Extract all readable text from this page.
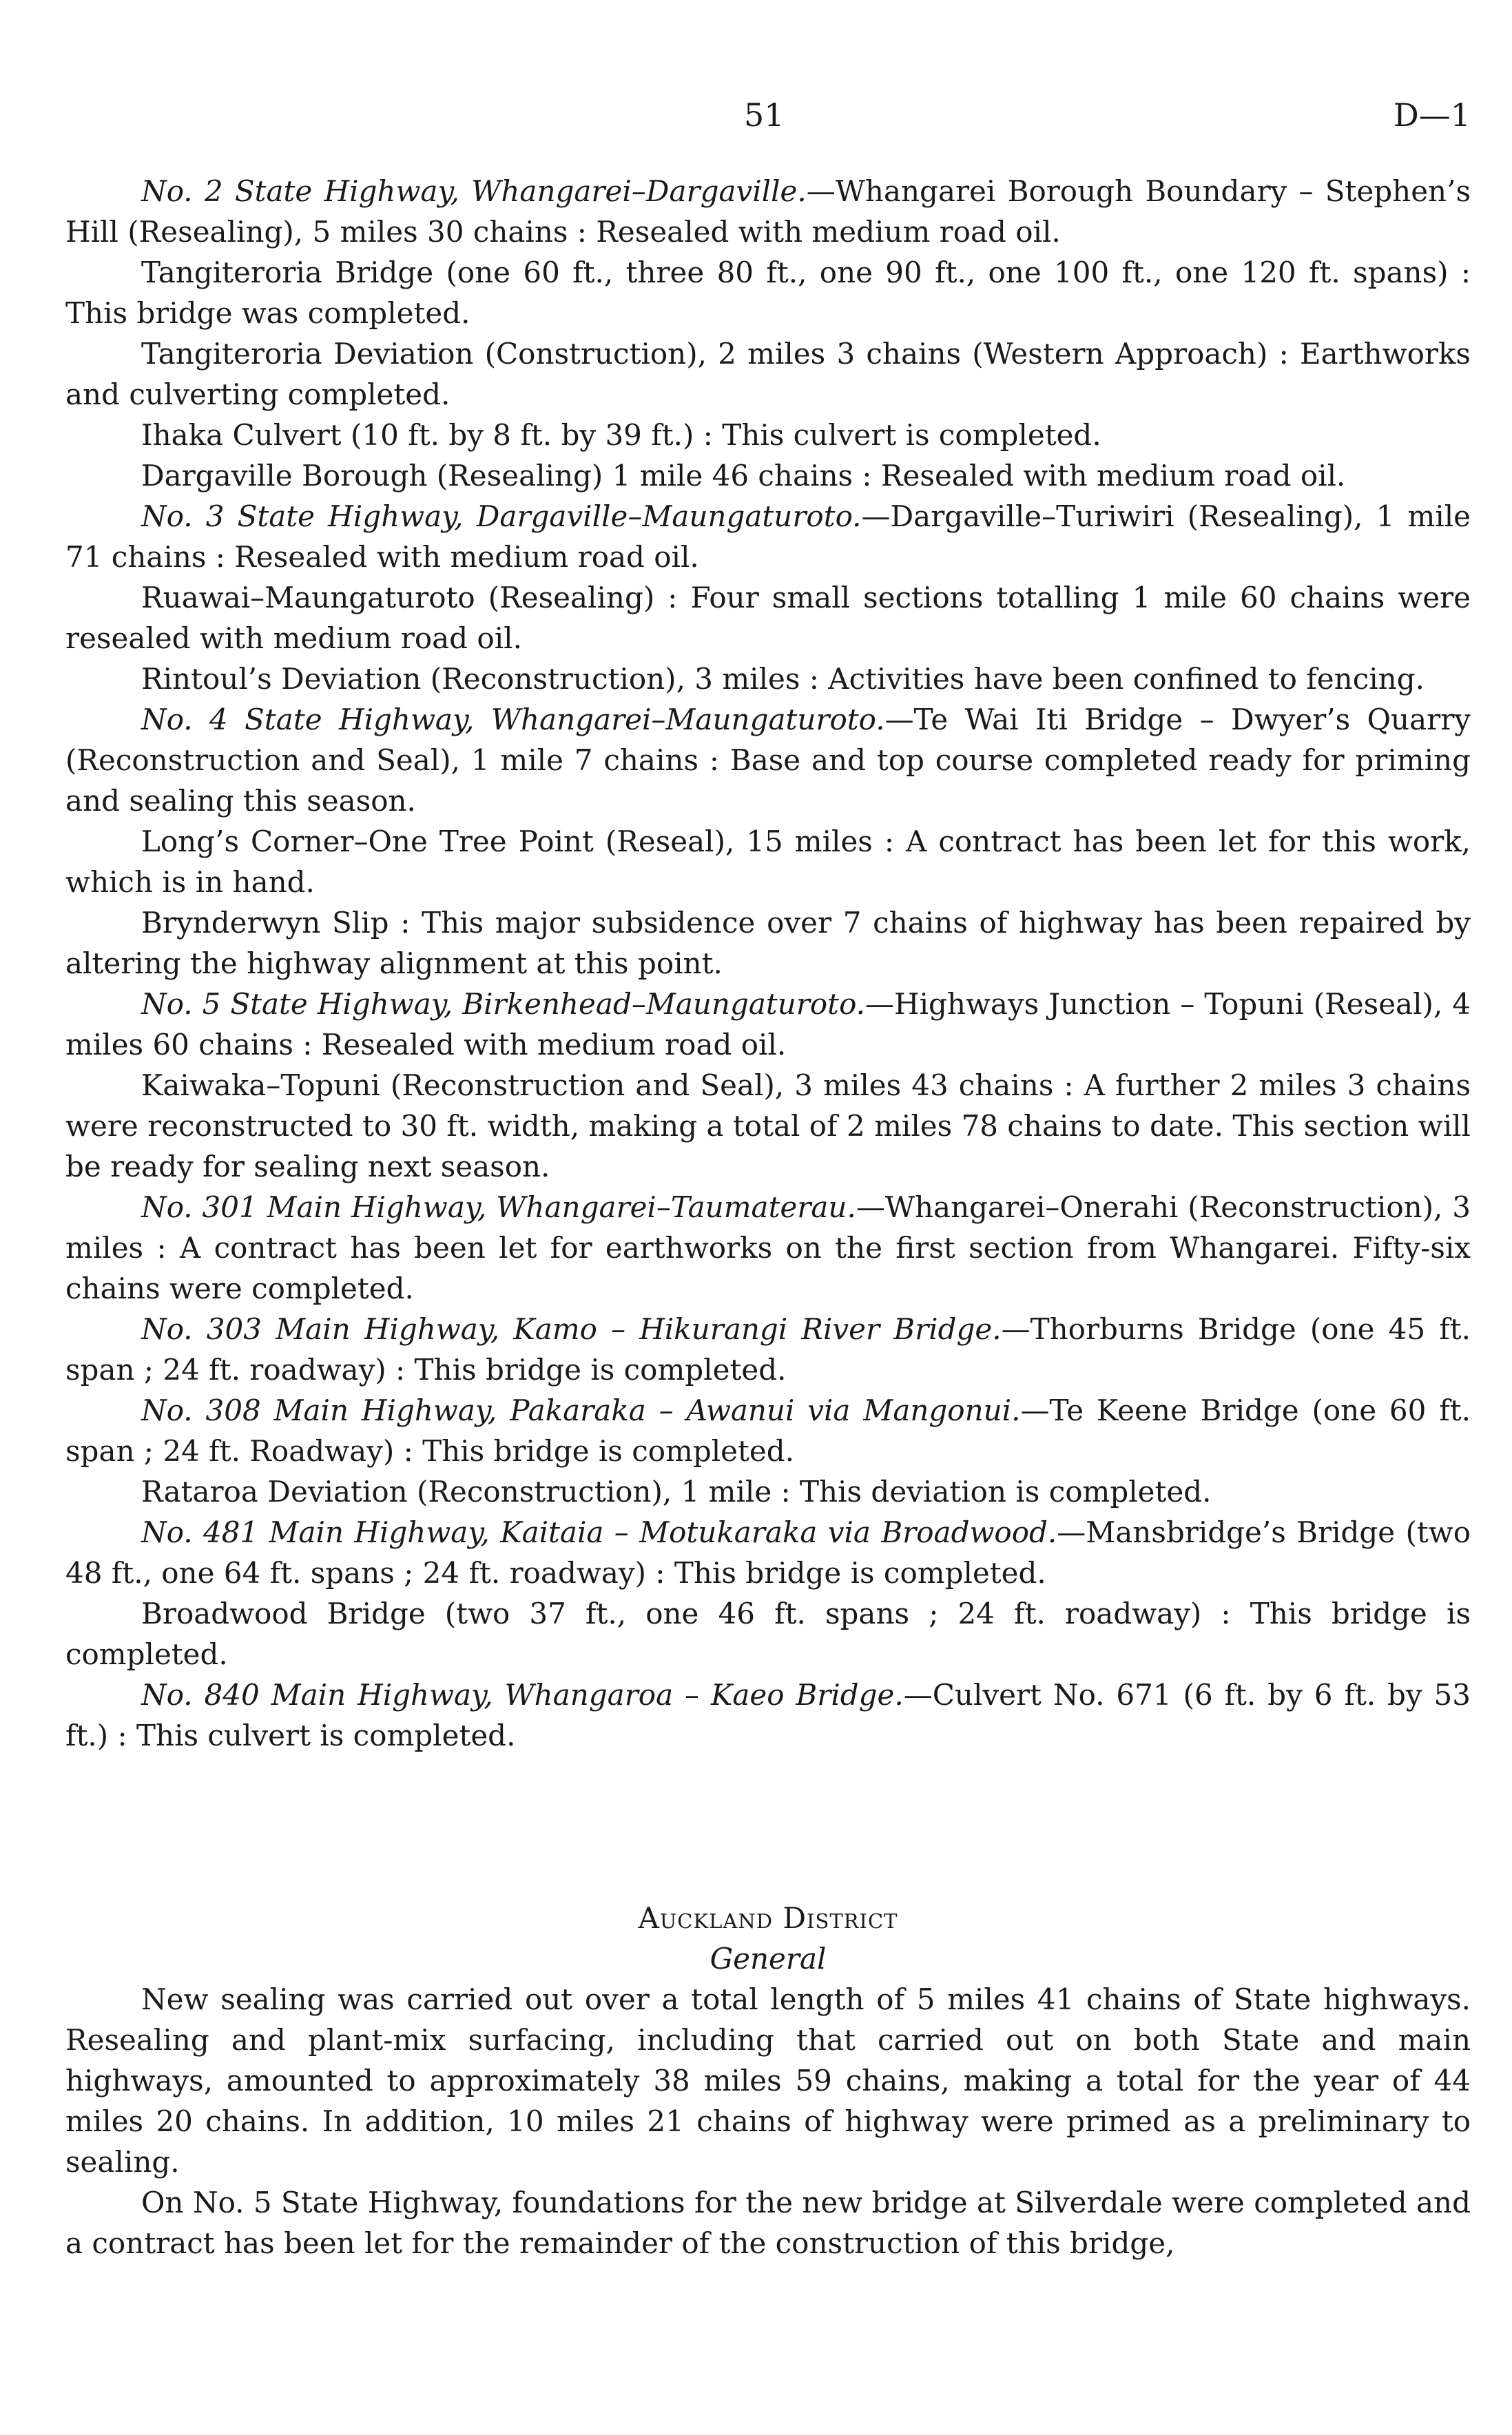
51	D—1

No. 2 State Highway, Whangarei–Dargaville.—Whangarei Borough Boundary – Stephen’s Hill (Resealing), 5 miles 30 chains : Resealed with medium road oil.

Tangiteroria Bridge (one 60 ft., three 80 ft., one 90 ft., one 100 ft., one 120 ft. spans) : This bridge was completed.

Tangiteroria Deviation (Construction), 2 miles 3 chains (Western Approach) : Earthworks and culverting completed.

Ihaka Culvert (10 ft. by 8 ft. by 39 ft.) : This culvert is completed.

Dargaville Borough (Resealing) 1 mile 46 chains : Resealed with medium road oil.

No. 3 State Highway, Dargaville–Maungaturoto.—Dargaville–Turiwiri (Resealing), 1 mile 71 chains : Resealed with medium road oil.

Ruawai–Maungaturoto (Resealing) : Four small sections totalling 1 mile 60 chains were resealed with medium road oil.

Rintoul’s Deviation (Reconstruction), 3 miles : Activities have been confined to fencing.

No. 4 State Highway, Whangarei–Maungaturoto.—Te Wai Iti Bridge – Dwyer’s Quarry (Reconstruction and Seal), 1 mile 7 chains : Base and top course completed ready for priming and sealing this season.

Long’s Corner–One Tree Point (Reseal), 15 miles : A contract has been let for this work, which is in hand.

Brynderwyn Slip : This major subsidence over 7 chains of highway has been repaired by altering the highway alignment at this point.

No. 5 State Highway, Birkenhead–Maungaturoto.—Highways Junction – Topuni (Reseal), 4 miles 60 chains : Resealed with medium road oil.

Kaiwaka–Topuni (Reconstruction and Seal), 3 miles 43 chains : A further 2 miles 3 chains were reconstructed to 30 ft. width, making a total of 2 miles 78 chains to date. This section will be ready for sealing next season.

No. 301 Main Highway, Whangarei–Taumaterau.—Whangarei–Onerahi (Reconstruction), 3 miles : A contract has been let for earthworks on the first section from Whangarei. Fifty-six chains were completed.

No. 303 Main Highway, Kamo – Hikurangi River Bridge.—Thorburns Bridge (one 45 ft. span ; 24 ft. roadway) : This bridge is completed.

No. 308 Main Highway, Pakaraka – Awanui via Mangonui.—Te Keene Bridge (one 60 ft. span ; 24 ft. Roadway) : This bridge is completed.

Rataroa Deviation (Reconstruction), 1 mile : This deviation is completed.

No. 481 Main Highway, Kaitaia – Motukaraka via Broadwood.—Mansbridge’s Bridge (two 48 ft., one 64 ft. spans ; 24 ft. roadway) : This bridge is completed.

Broadwood Bridge (two 37 ft., one 46 ft. spans ; 24 ft. roadway) : This bridge is completed.

No. 840 Main Highway, Whangaroa – Kaeo Bridge.—Culvert No. 671 (6 ft. by 6 ft. by 53 ft.) : This culvert is completed.

Auckland District

General

New sealing was carried out over a total length of 5 miles 41 chains of State highways. Resealing and plant-mix surfacing, including that carried out on both State and main highways, amounted to approximately 38 miles 59 chains, making a total for the year of 44 miles 20 chains. In addition, 10 miles 21 chains of highway were primed as a preliminary to sealing.

On No. 5 State Highway, foundations for the new bridge at Silverdale were completed and a contract has been let for the remainder of the construction of this bridge,
